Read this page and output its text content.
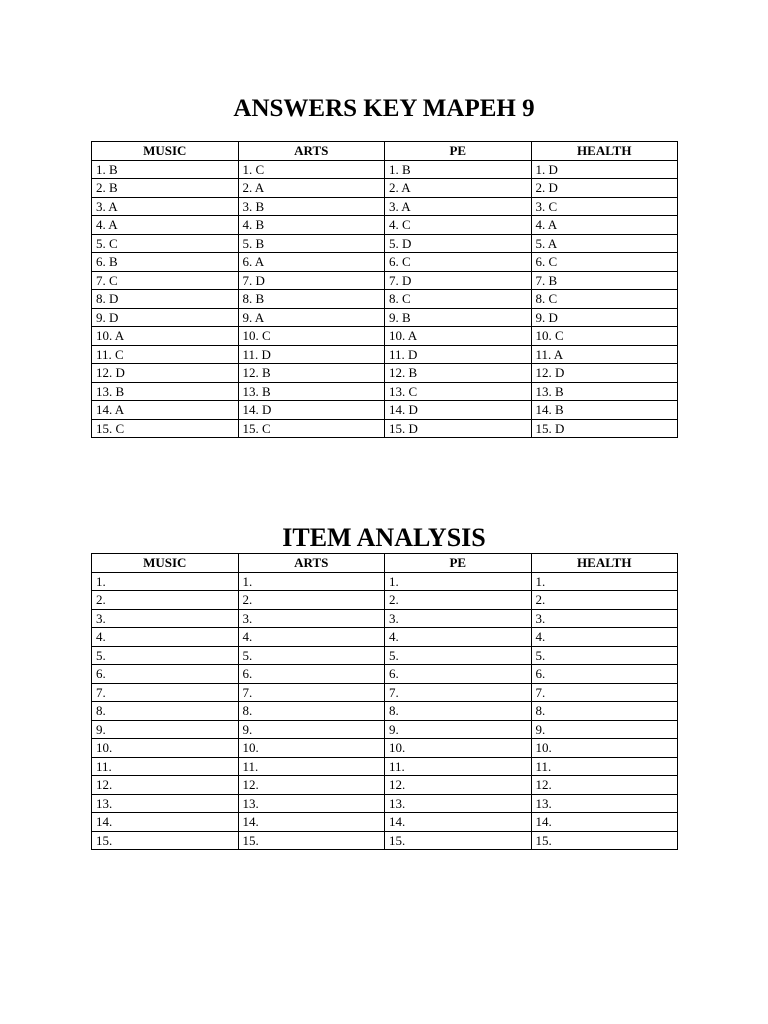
ANSWERS KEY MAPEH 9
MUSIC	ARTS	PE	HEALTH
1. B	1. C	1. B	1. D
2. B	2. A	2. A	2. D
3. A	3. B	3. A	3. C
4. A	4. B	4. C	4. A
5. C	5. B	5. D	5. A
6. B	6. A	6. C	6. C
7. C	7. D	7. D	7. B
8. D	8. B	8. C	8. C
9. D	9. A	9. B	9. D
10. A	10. C	10. A	10. C
11. C	11. D	11. D	11. A
12. D	12. B	12. B	12. D
13. B	13. B	13. C	13. B
14. A	14. D	14. D	14. B
15. C	15. C	15. D	15. D
ITEM ANALYSIS
MUSIC	ARTS	PE	HEALTH
1.	1.	1.	1.
2.	2.	2.	2.
3.	3.	3.	3.
4.	4.	4.	4.
5.	5.	5.	5.
6.	6.	6.	6.
7.	7.	7.	7.
8.	8.	8.	8.
9.	9.	9.	9.
10.	10.	10.	10.
11.	11.	11.	11.
12.	12.	12.	12.
13.	13.	13.	13.
14.	14.	14.	14.
15.	15.	15.	15.
